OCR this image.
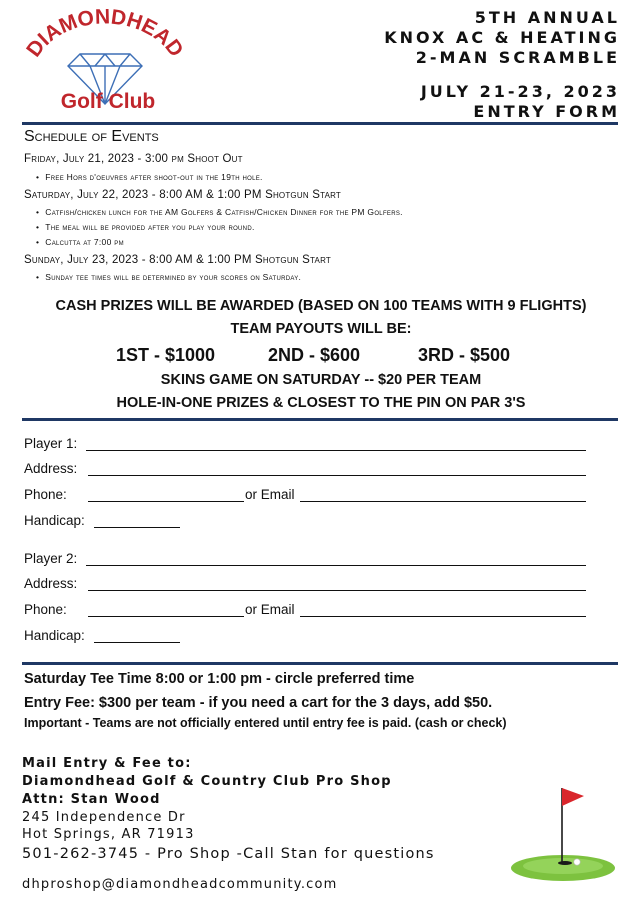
DIAMONDHEAD
Golf Club
5TH ANNUAL
KNOX AC & HEATING
2-MAN SCRAMBLE
JULY 21-23, 2023
ENTRY FORM
Schedule of Events
Friday, July 21, 2023 - 3:00 pm Shoot Out
• Free Hors d'oeuvres after shoot-out in the 19th hole.
Saturday, July 22, 2023 - 8:00 AM & 1:00 PM Shotgun Start
• Catfish/chicken lunch for the AM Golfers & Catfish/Chicken Dinner for the PM Golfers.
• The meal will be provided after you play your round.
• Calcutta at 7:00 pm
Sunday, July 23, 2023 - 8:00 AM & 1:00 PM Shotgun Start
• Sunday tee times will be determined by your scores on Saturday.
CASH PRIZES WILL BE AWARDED (BASED ON 100 TEAMS WITH 9 FLIGHTS)
TEAM PAYOUTS WILL BE:
1ST - $1000	2ND - $600	3RD - $500
SKINS GAME ON SATURDAY -- $20 PER TEAM
HOLE-IN-ONE PRIZES & CLOSEST TO THE PIN ON PAR 3'S
Player 1:
Address:
Phone:	or Email
Handicap:
Player 2:
Address:
Phone:	or Email
Handicap:
Saturday Tee Time 8:00 or 1:00 pm - circle preferred time
Entry Fee: $300 per team - if you need a cart for the 3 days, add $50.
Important - Teams are not officially entered until entry fee is paid. (cash or check)
Mail Entry & Fee to:
Diamondhead Golf & Country Club Pro Shop
Attn: Stan Wood
245 Independence Dr
Hot Springs, AR 71913
501-262-3745 - Pro Shop -Call Stan for questions
dhproshop@diamondheadcommunity.com
